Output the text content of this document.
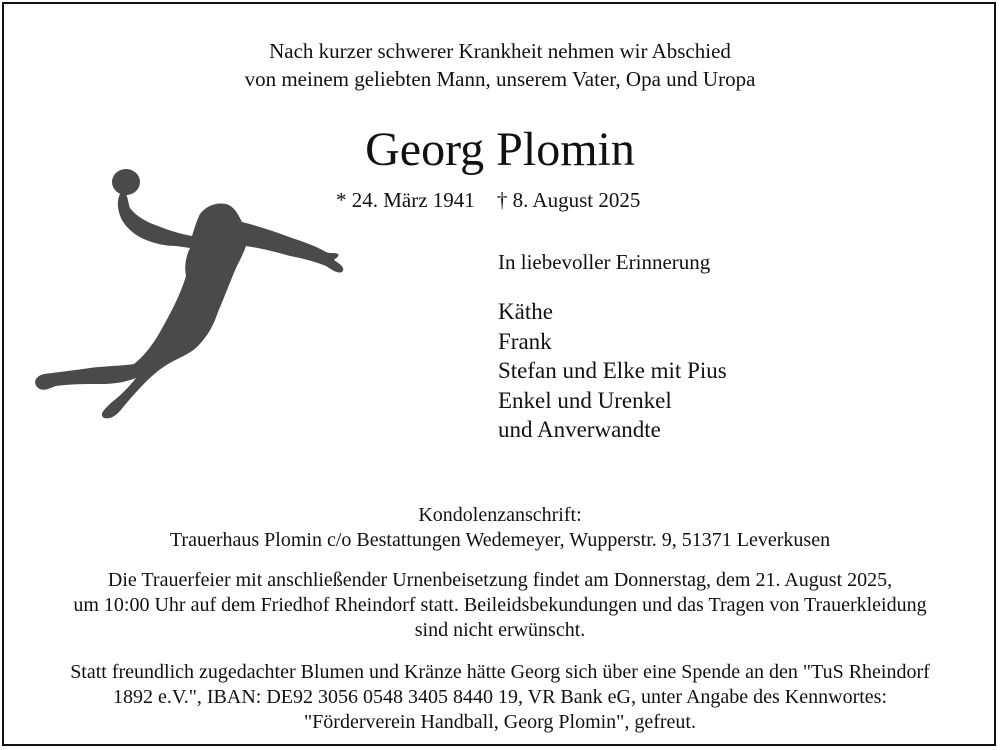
Nach kurzer schwerer Krankheit nehmen wir Abschied
von meinem geliebten Mann, unserem Vater, Opa und Uropa
Georg Plomin
* 24. März 1941 † 8. August 2025
In liebevoller Erinnerung
Käthe
Frank
Stefan und Elke mit Pius
Enkel und Urenkel
und Anverwandte
Kondolenzanschrift:
Trauerhaus Plomin c/o Bestattungen Wedemeyer, Wupperstr. 9, 51371 Leverkusen
Die Trauerfeier mit anschließender Urnenbeisetzung findet am Donnerstag, dem 21. August 2025,
um 10:00 Uhr auf dem Friedhof Rheindorf statt. Beileidsbekundungen und das Tragen von Trauerkleidung
sind nicht erwünscht.
Statt freundlich zugedachter Blumen und Kränze hätte Georg sich über eine Spende an den "TuS Rheindorf
1892 e.V.", IBAN: DE92 3056 0548 3405 8440 19, VR Bank eG, unter Angabe des Kennwortes:
"Förderverein Handball, Georg Plomin", gefreut.
